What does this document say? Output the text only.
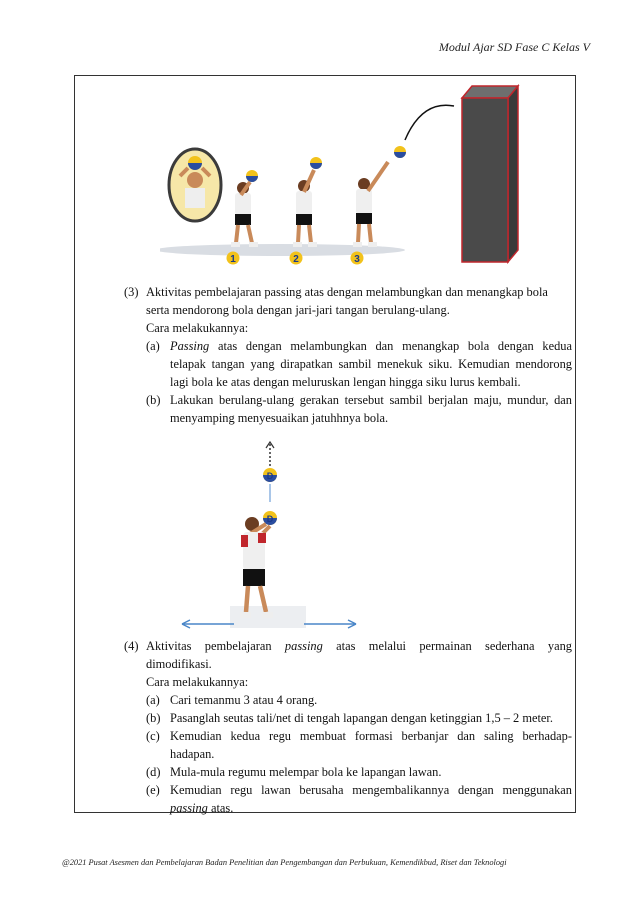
Modul Ajar SD Fase C Kelas V
1	2	3
(3) Aktivitas pembelajaran passing atas dengan melambungkan dan menangkap bola
serta mendorong bola dengan jari-jari tangan berulang-ulang.
Cara melakukannya:
(a) Passing atas dengan melambungkan dan menangkap bola dengan kedua
telapak tangan yang dirapatkan sambil menekuk siku. Kemudian mendorong
lagi bola ke atas dengan meluruskan lengan hingga siku lurus kembali.
(b) Lakukan berulang-ulang gerakan tersebut sambil berjalan maju, mundur, dan
menyamping menyesuaikan jatuhhnya bola.
D
D
(4) Aktivitas pembelajaran passing atas melalui permainan sederhana yang
dimodifikasi.
Cara melakukannya:
(a) Cari temanmu 3 atau 4 orang.
(b) Pasanglah seutas tali/net di tengah lapangan dengan ketinggian 1,5 – 2 meter.
(c) Kemudian kedua regu membuat formasi berbanjar dan saling berhadap-
hadapan.
(d) Mula-mula regumu melempar bola ke lapangan lawan.
(e) Kemudian regu lawan berusaha mengembalikannya dengan menggunakan
passing atas.
@2021 Pusat Asesmen dan Pembelajaran Badan Penelitian dan Pengembangan dan Perbukuan, Kemendikbud, Riset dan Teknologi
